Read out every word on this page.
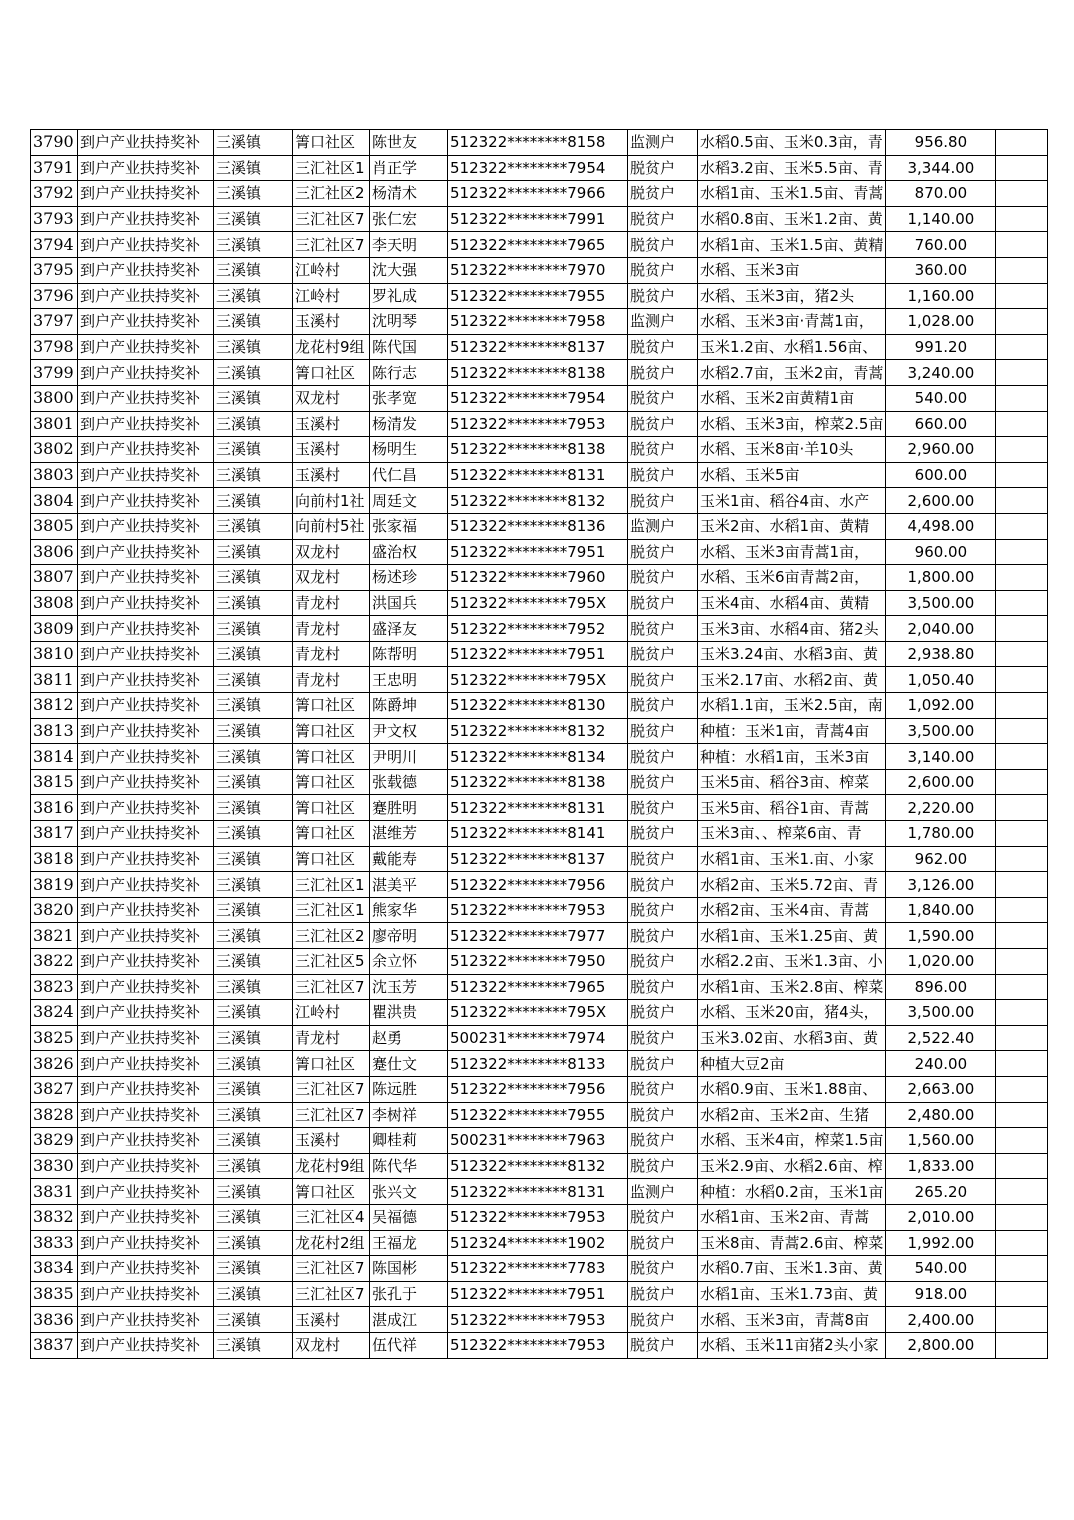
3790	到户产业扶持奖补	三溪镇	箐口社区	陈世友	512322********8158	监测户	水稻0.5亩、玉米0.3亩，青	956.80	
3791	到户产业扶持奖补	三溪镇	三汇社区1	肖正学	512322********7954	脱贫户	水稻3.2亩、玉米5.5亩、青	3,344.00	
3792	到户产业扶持奖补	三溪镇	三汇社区2	杨清术	512322********7966	脱贫户	水稻1亩、玉米1.5亩、青蒿	870.00	
3793	到户产业扶持奖补	三溪镇	三汇社区7	张仁宏	512322********7991	脱贫户	水稻0.8亩、玉米1.2亩、黄	1,140.00	
3794	到户产业扶持奖补	三溪镇	三汇社区7	李天明	512322********7965	脱贫户	水稻1亩、玉米1.5亩、黄精	760.00	
3795	到户产业扶持奖补	三溪镇	江岭村	沈大强	512322********7970	脱贫户	水稻、玉米3亩	360.00	
3796	到户产业扶持奖补	三溪镇	江岭村	罗礼成	512322********7955	脱贫户	水稻、玉米3亩，猪2头	1,160.00	
3797	到户产业扶持奖补	三溪镇	玉溪村	沈明琴	512322********7958	监测户	水稻、玉米3亩·青蒿1亩，	1,028.00	
3798	到户产业扶持奖补	三溪镇	龙花村9组	陈代国	512322********8137	脱贫户	玉米1.2亩、水稻1.56亩、	991.20	
3799	到户产业扶持奖补	三溪镇	箐口社区	陈行志	512322********8138	脱贫户	水稻2.7亩，玉米2亩，青蒿	3,240.00	
3800	到户产业扶持奖补	三溪镇	双龙村	张孝宽	512322********7954	脱贫户	水稻、玉米2亩黄精1亩	540.00	
3801	到户产业扶持奖补	三溪镇	玉溪村	杨清发	512322********7953	脱贫户	水稻、玉米3亩，榨菜2.5亩	660.00	
3802	到户产业扶持奖补	三溪镇	玉溪村	杨明生	512322********8138	脱贫户	水稻、玉米8亩·羊10头	2,960.00	
3803	到户产业扶持奖补	三溪镇	玉溪村	代仁昌	512322********8131	脱贫户	水稻、玉米5亩	600.00	
3804	到户产业扶持奖补	三溪镇	向前村1社	周廷文	512322********8132	脱贫户	玉米1亩、稻谷4亩、水产	2,600.00	
3805	到户产业扶持奖补	三溪镇	向前村5社	张家福	512322********8136	监测户	玉米2亩、水稻1亩、黄精	4,498.00	
3806	到户产业扶持奖补	三溪镇	双龙村	盛治权	512322********7951	脱贫户	水稻、玉米3亩青蒿1亩，	960.00	
3807	到户产业扶持奖补	三溪镇	双龙村	杨述珍	512322********7960	脱贫户	水稻、玉米6亩青蒿2亩，	1,800.00	
3808	到户产业扶持奖补	三溪镇	青龙村	洪国兵	512322********795X	脱贫户	玉米4亩、水稻4亩、黄精	3,500.00	
3809	到户产业扶持奖补	三溪镇	青龙村	盛泽友	512322********7952	脱贫户	玉米3亩、水稻4亩、猪2头	2,040.00	
3810	到户产业扶持奖补	三溪镇	青龙村	陈帮明	512322********7951	脱贫户	玉米3.24亩、水稻3亩、黄	2,938.80	
3811	到户产业扶持奖补	三溪镇	青龙村	王忠明	512322********795X	脱贫户	玉米2.17亩、水稻2亩、黄	1,050.40	
3812	到户产业扶持奖补	三溪镇	箐口社区	陈爵坤	512322********8130	脱贫户	水稻1.1亩，玉米2.5亩，南	1,092.00	
3813	到户产业扶持奖补	三溪镇	箐口社区	尹文权	512322********8132	脱贫户	种植：玉米1亩，青蒿4亩	3,500.00	
3814	到户产业扶持奖补	三溪镇	箐口社区	尹明川	512322********8134	脱贫户	种植：水稻1亩，玉米3亩	3,140.00	
3815	到户产业扶持奖补	三溪镇	箐口社区	张载德	512322********8138	脱贫户	玉米5亩、稻谷3亩、榨菜	2,600.00	
3816	到户产业扶持奖补	三溪镇	箐口社区	蹇胜明	512322********8131	脱贫户	玉米5亩、稻谷1亩、青蒿	2,220.00	
3817	到户产业扶持奖补	三溪镇	箐口社区	湛维芳	512322********8141	脱贫户	玉米3亩、、榨菜6亩、青	1,780.00	
3818	到户产业扶持奖补	三溪镇	箐口社区	戴能寿	512322********8137	脱贫户	水稻1亩、玉米1.亩、小家	962.00	
3819	到户产业扶持奖补	三溪镇	三汇社区1	湛美平	512322********7956	脱贫户	水稻2亩、玉米5.72亩、青	3,126.00	
3820	到户产业扶持奖补	三溪镇	三汇社区1	熊家华	512322********7953	脱贫户	水稻2亩、玉米4亩、青蒿	1,840.00	
3821	到户产业扶持奖补	三溪镇	三汇社区2	廖帝明	512322********7977	脱贫户	水稻1亩、玉米1.25亩、黄	1,590.00	
3822	到户产业扶持奖补	三溪镇	三汇社区5	余立怀	512322********7950	脱贫户	水稻2.2亩、玉米1.3亩、小	1,020.00	
3823	到户产业扶持奖补	三溪镇	三汇社区7	沈玉芳	512322********7965	脱贫户	水稻1亩、玉米2.8亩、榨菜	896.00	
3824	到户产业扶持奖补	三溪镇	江岭村	瞿洪贵	512322********795X	脱贫户	水稻、玉米20亩，猪4头，	3,500.00	
3825	到户产业扶持奖补	三溪镇	青龙村	赵勇	500231********7974	脱贫户	玉米3.02亩、水稻3亩、黄	2,522.40	
3826	到户产业扶持奖补	三溪镇	箐口社区	蹇仕文	512322********8133	脱贫户	种植大豆2亩	240.00	
3827	到户产业扶持奖补	三溪镇	三汇社区7	陈远胜	512322********7956	脱贫户	水稻0.9亩、玉米1.88亩、	2,663.00	
3828	到户产业扶持奖补	三溪镇	三汇社区7	李树祥	512322********7955	脱贫户	水稻2亩、玉米2亩、生猪	2,480.00	
3829	到户产业扶持奖补	三溪镇	玉溪村	卿桂莉	500231********7963	脱贫户	水稻、玉米4亩，榨菜1.5亩	1,560.00	
3830	到户产业扶持奖补	三溪镇	龙花村9组	陈代华	512322********8132	脱贫户	玉米2.9亩、水稻2.6亩、榨	1,833.00	
3831	到户产业扶持奖补	三溪镇	箐口社区	张兴文	512322********8131	监测户	种植：水稻0.2亩，玉米1亩	265.20	
3832	到户产业扶持奖补	三溪镇	三汇社区4	吴福德	512322********7953	脱贫户	水稻1亩、玉米2亩、青蒿	2,010.00	
3833	到户产业扶持奖补	三溪镇	龙花村2组	王福龙	512324********1902	脱贫户	玉米8亩、青蒿2.6亩、榨菜	1,992.00	
3834	到户产业扶持奖补	三溪镇	三汇社区7	陈国彬	512322********7783	脱贫户	水稻0.7亩、玉米1.3亩、黄	540.00	
3835	到户产业扶持奖补	三溪镇	三汇社区7	张孔于	512322********7951	脱贫户	水稻1亩、玉米1.73亩、黄	918.00	
3836	到户产业扶持奖补	三溪镇	玉溪村	湛成江	512322********7953	脱贫户	水稻、玉米3亩，青蒿8亩	2,400.00	
3837	到户产业扶持奖补	三溪镇	双龙村	伍代祥	512322********7953	脱贫户	水稻、玉米11亩猪2头小家	2,800.00	
